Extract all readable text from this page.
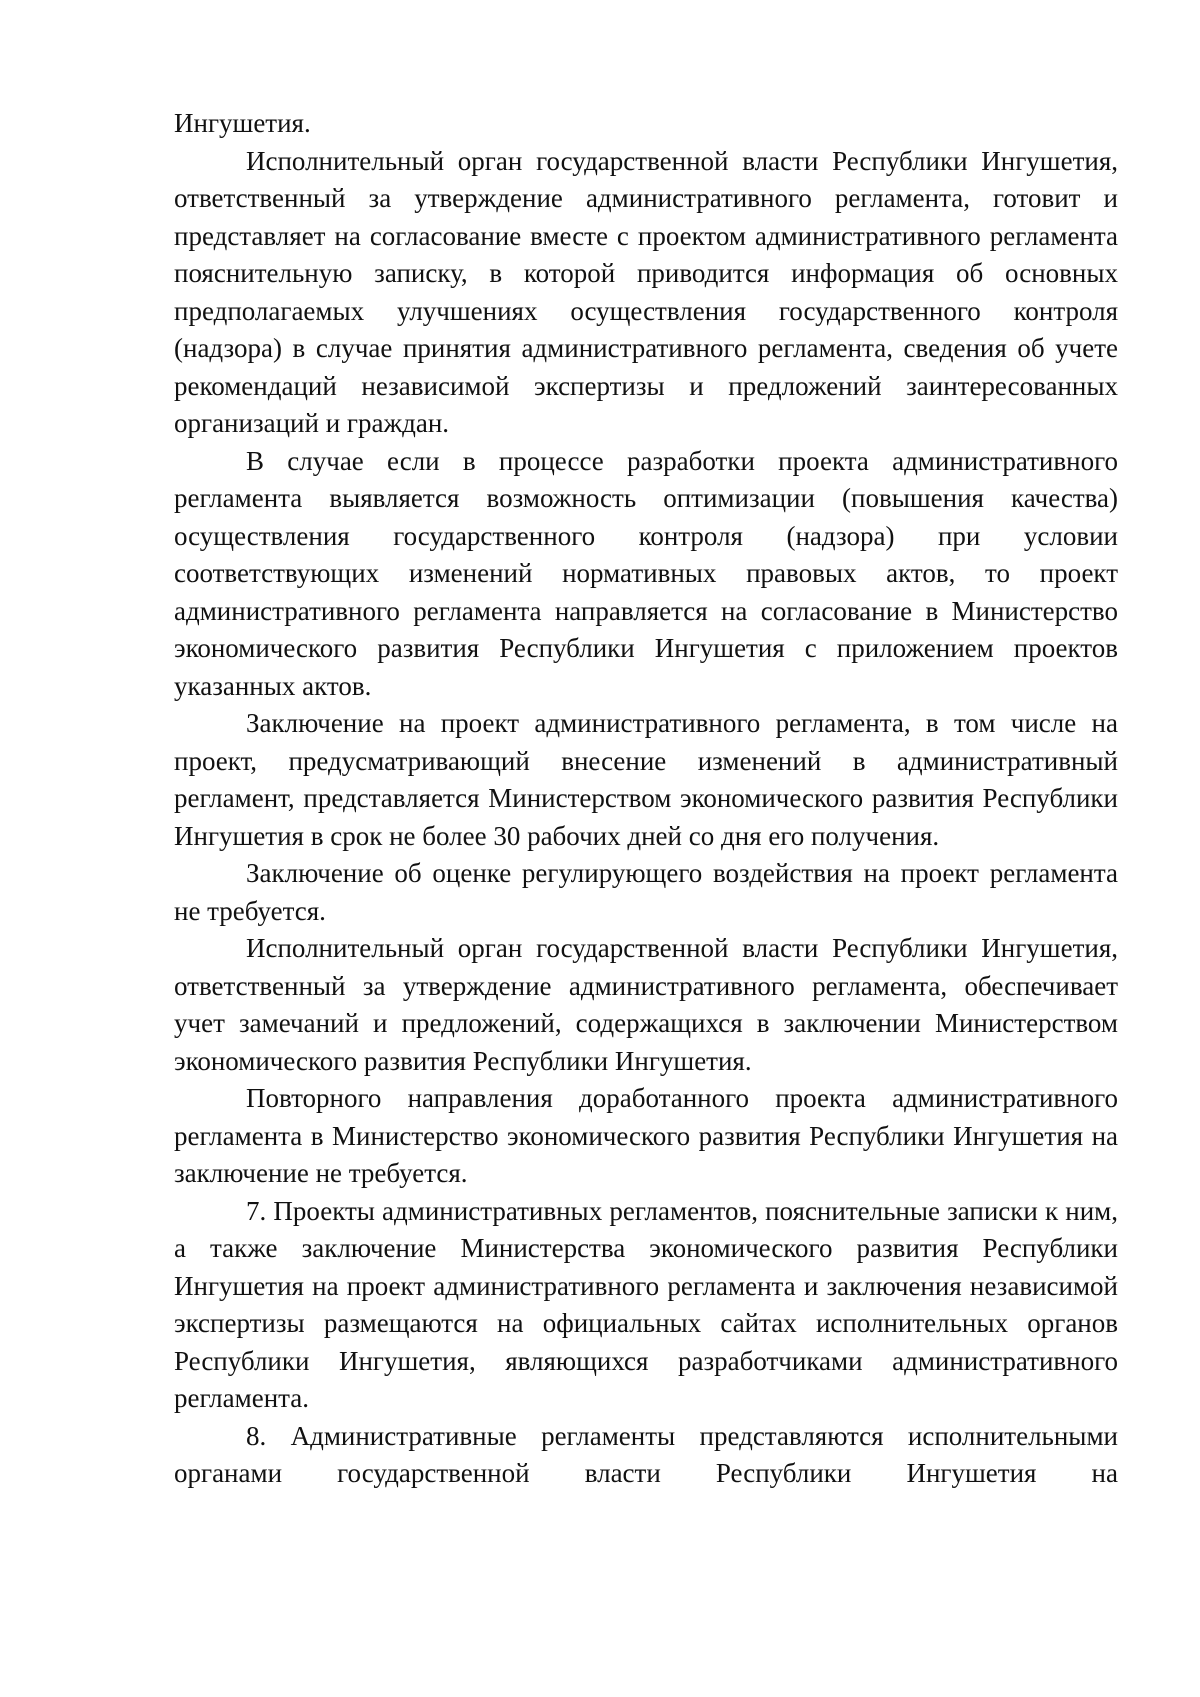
Ингушетия.

Исполнительный орган государственной власти Республики Ингушетия, ответственный за утверждение административного регламента, готовит и представляет на согласование вместе с проектом административного регламента пояснительную записку, в которой приводится информация об основных предполагаемых улучшениях осуществления государственного контроля (надзора) в случае принятия административного регламента, сведения об учете рекомендаций независимой экспертизы и предложений заинтересованных организаций и граждан.

В случае если в процессе разработки проекта административного регламента выявляется возможность оптимизации (повышения качества) осуществления государственного контроля (надзора) при условии соответствующих изменений нормативных правовых актов, то проект административного регламента направляется на согласование в Министерство экономического развития Республики Ингушетия с приложением проектов указанных актов.

Заключение на проект административного регламента, в том числе на проект, предусматривающий внесение изменений в административный регламент, представляется Министерством экономического развития Республики Ингушетия в срок не более 30 рабочих дней со дня его получения.

Заключение об оценке регулирующего воздействия на проект регламента не требуется.

Исполнительный орган государственной власти Республики Ингушетия, ответственный за утверждение административного регламента, обеспечивает учет замечаний и предложений, содержащихся в заключении Министерством экономического развития Республики Ингушетия.

Повторного направления доработанного проекта административного регламента в Министерство экономического развития Республики Ингушетия на заключение не требуется.

7. Проекты административных регламентов, пояснительные записки к ним, а также заключение Министерства экономического развития Республики Ингушетия на проект административного регламента и заключения независимой экспертизы размещаются на официальных сайтах исполнительных органов Республики Ингушетия, являющихся разработчиками административного регламента.

8. Административные регламенты представляются исполнительными органами государственной власти Республики Ингушетия на
